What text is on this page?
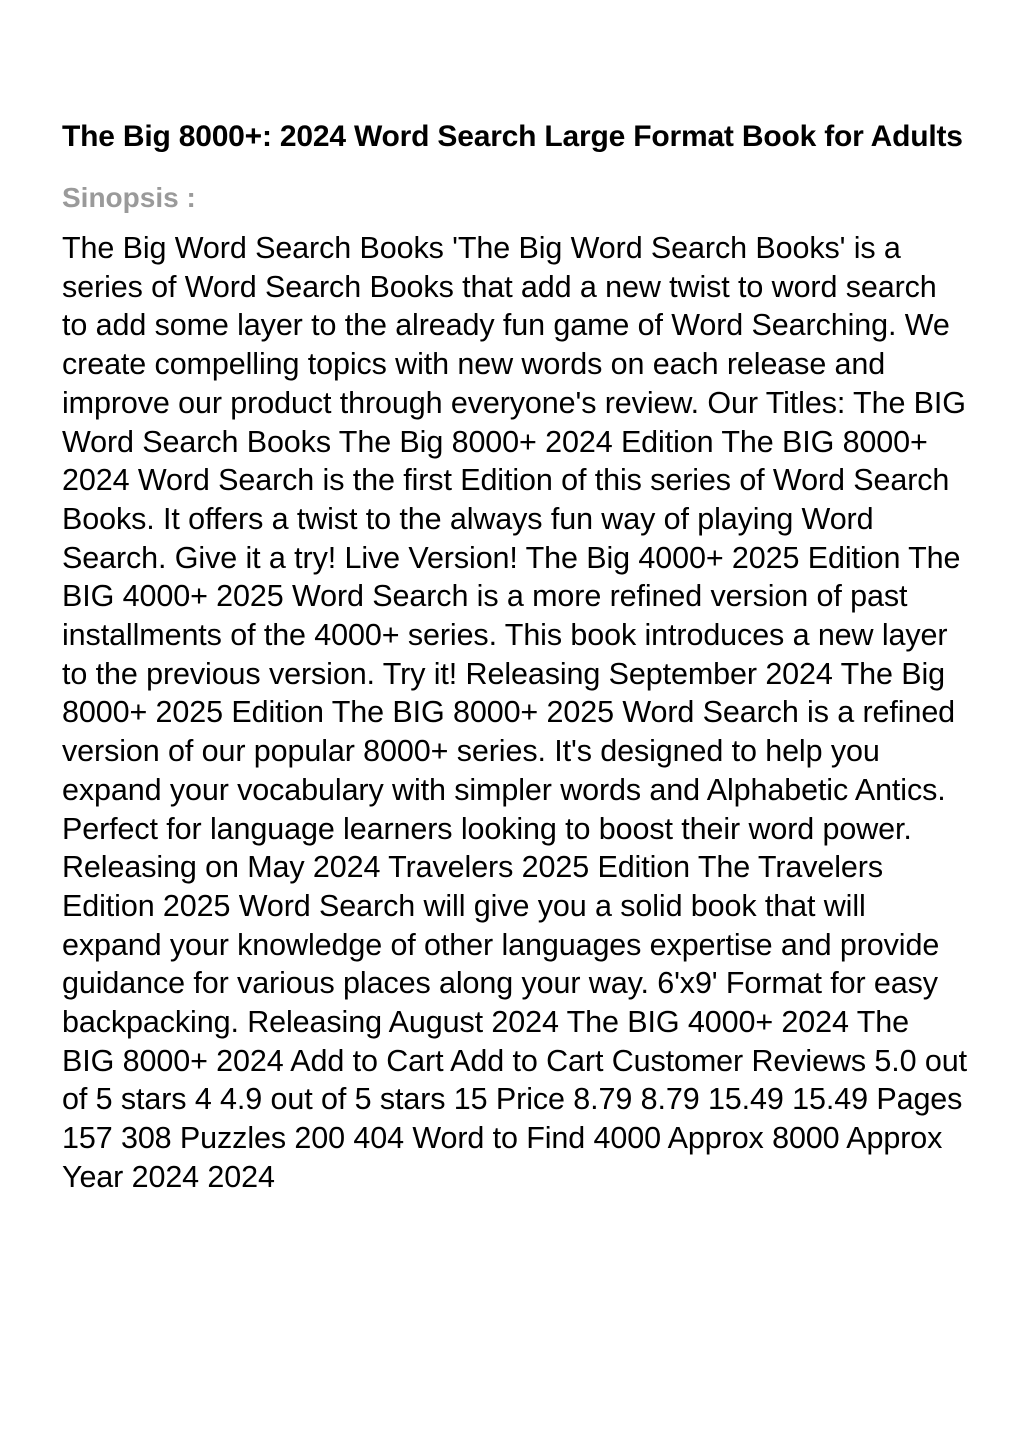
The Big 8000+: 2024 Word Search Large Format Book for Adults
Sinopsis :

The Big Word Search Books 'The Big Word Search Books' is a series of Word Search Books that add a new twist to word search to add some layer to the already fun game of Word Searching. We create compelling topics with new words on each release and improve our product through everyone's review. Our Titles: The BIG Word Search Books The Big 8000+ 2024 Edition The BIG 8000+ 2024 Word Search is the first Edition of this series of Word Search Books. It offers a twist to the always fun way of playing Word Search. Give it a try! Live Version! The Big 4000+ 2025 Edition The BIG 4000+ 2025 Word Search is a more refined version of past installments of the 4000+ series. This book introduces a new layer to the previous version. Try it! Releasing September 2024 The Big 8000+ 2025 Edition The BIG 8000+ 2025 Word Search is a refined version of our popular 8000+ series. It's designed to help you expand your vocabulary with simpler words and Alphabetic Antics. Perfect for language learners looking to boost their word power. Releasing on May 2024 Travelers 2025 Edition The Travelers Edition 2025 Word Search will give you a solid book that will expand your knowledge of other languages expertise and provide guidance for various places along your way. 6'x9' Format for easy backpacking. Releasing August 2024 The BIG 4000+ 2024 The BIG 8000+ 2024 Add to Cart Add to Cart Customer Reviews 5.0 out of 5 stars 4 4.9 out of 5 stars 15 Price 8.79 8.79 15.49 15.49 Pages 157 308 Puzzles 200 404 Word to Find 4000 Approx 8000 Approx Year 2024 2024
